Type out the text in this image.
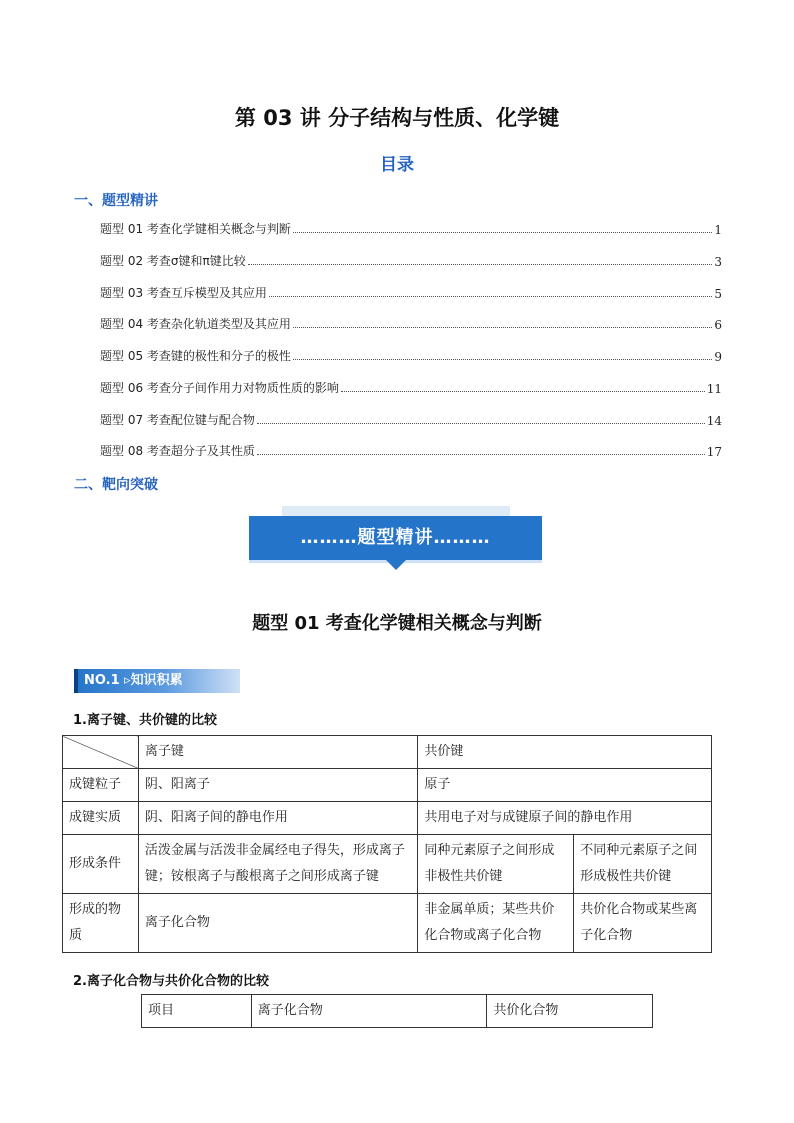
第 03 讲 分子结构与性质、化学键
目录
一、题型精讲
题型 01 考查化学键相关概念与判断	1
题型 02 考查σ键和π键比较	3
题型 03 考查互斥模型及其应用	5
题型 04 考查杂化轨道类型及其应用	6
题型 05 考查键的极性和分子的极性	9
题型 06 考查分子间作用力对物质性质的影响	11
题型 07 考查配位键与配合物	14
题型 08 考查超分子及其性质	17
二、靶向突破
………题型精讲………
题型 01 考查化学键相关概念与判断
NO.1 ▹知识积累
1.离子键、共价键的比较
	离子键	共价键	
成键粒子	阴、阳离子	原子	
成键实质	阴、阳离子间的静电作用	共用电子对与成键原子间的静电作用	
形成条件	活泼金属与活泼非金属经电子得失，形成离子键；铵根离子与酸根离子之间形成离子键	同种元素原子之间形成非极性共价键	不同种元素原子之间形成极性共价键
形成的物质	离子化合物	非金属单质；某些共价化合物或离子化合物	共价化合物或某些离子化合物
2.离子化合物与共价化合物的比较
项目	离子化合物	共价化合物
